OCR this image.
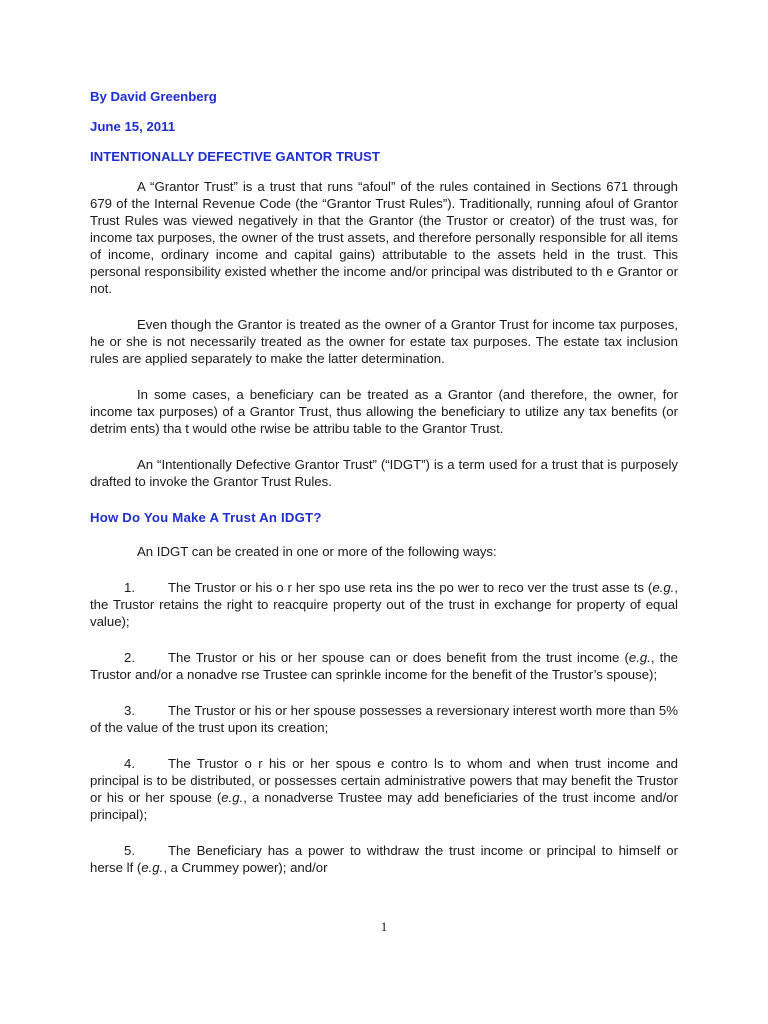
By David Greenberg
June 15, 2011
INTENTIONALLY DEFECTIVE GANTOR TRUST

A “Grantor Trust” is a trust that runs “afoul” of the rules contained in Sections 671 through 679 of the Internal Revenue Code (the “Grantor Trust Rules”). Traditionally, running afoul of Grantor Trust Rules was viewed negatively in that the Grantor (the Trustor or creator) of the trust was, for income tax purposes, the owner of the trust assets, and therefore personally responsible for all items of income, ordinary income and capital gains) attributable to the assets held in the trust. This personal responsibility existed whether the income and/or principal was distributed to th e Grantor or not.

Even though the Grantor is treated as the owner of a Grantor Trust for income tax purposes, he or she is not necessarily treated as the owner for estate tax purposes. The estate tax inclusion rules are applied separately to make the latter determination.

In some cases, a beneficiary can be treated as a Grantor (and therefore, the owner, for income tax purposes) of a Grantor Trust, thus allowing the beneficiary to utilize any tax benefits (or detrim ents) tha t would othe rwise be attribu table to the Grantor Trust.

An “Intentionally Defective Grantor Trust” (“IDGT”) is a term used for a trust that is purposely drafted to invoke the Grantor Trust Rules.

How Do You Make A Trust An IDGT?

An IDGT can be created in one or more of the following ways:

1.	The Trustor or his o r her spo use reta ins the po wer to reco ver the trust asse ts (e.g., the Trustor retains the right to reacquire property out of the trust in exchange for property of equal value);
2.	The Trustor or his or her spouse can or does benefit from the trust income (e.g., the Trustor and/or a nonadve rse Trustee can sprinkle income for the benefit of the Trustor’s spouse);
3.	The Trustor or his or her spouse possesses a reversionary interest worth more than 5% of the value of the trust upon its creation;
4.	The Trustor o r his or her spous e contro ls to whom and when trust income and principal is to be distributed, or possesses certain administrative powers that may benefit the Trustor or his or her spouse (e.g., a nonadverse Trustee may add beneficiaries of the trust income and/or principal);
5.	The Beneficiary has a power to withdraw the trust income or principal to himself or herse lf (e.g., a Crummey power); and/or
1
